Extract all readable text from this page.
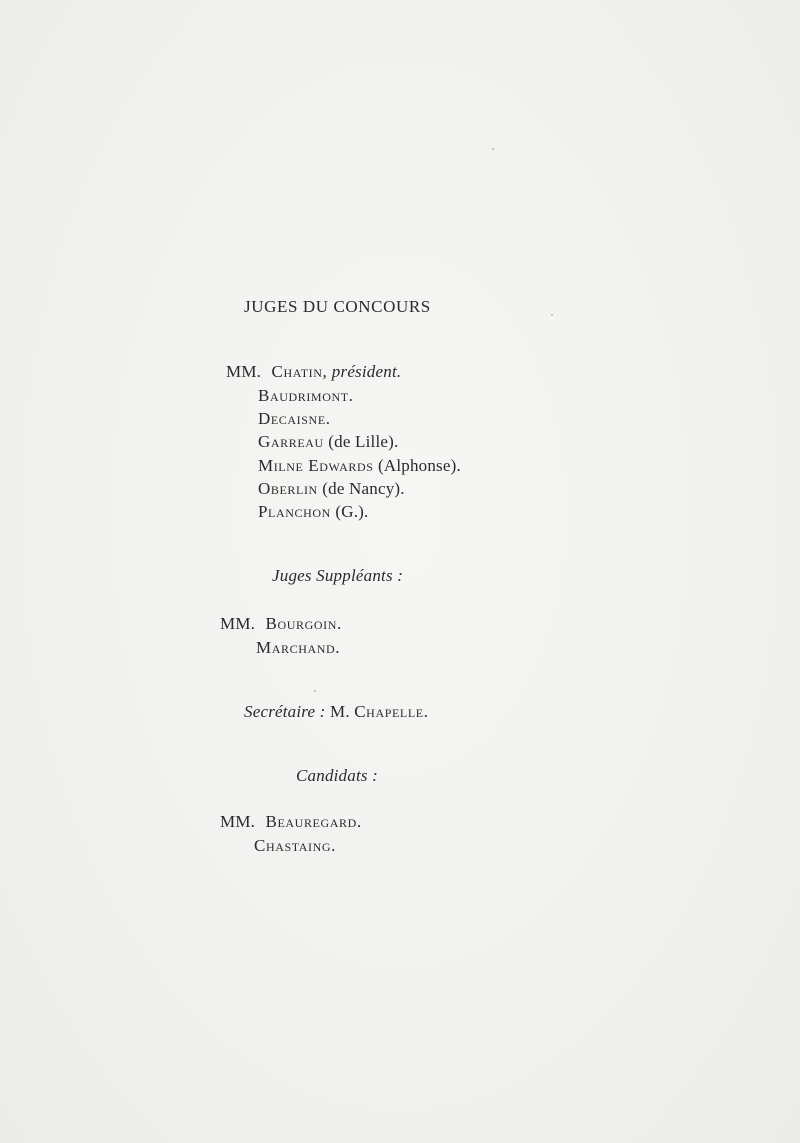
JUGES DU CONCOURS
MM. Chatin, président.
Baudrimont.
Decaisne.
Garreau (de Lille).
Milne Edwards (Alphonse).
Oberlin (de Nancy).
Planchon (G.).
Juges Suppléants :
MM. Bourgoin.
Marchand.
Secrétaire : M. Chapelle.
Candidats :
MM. Beauregard.
Chastaing.
